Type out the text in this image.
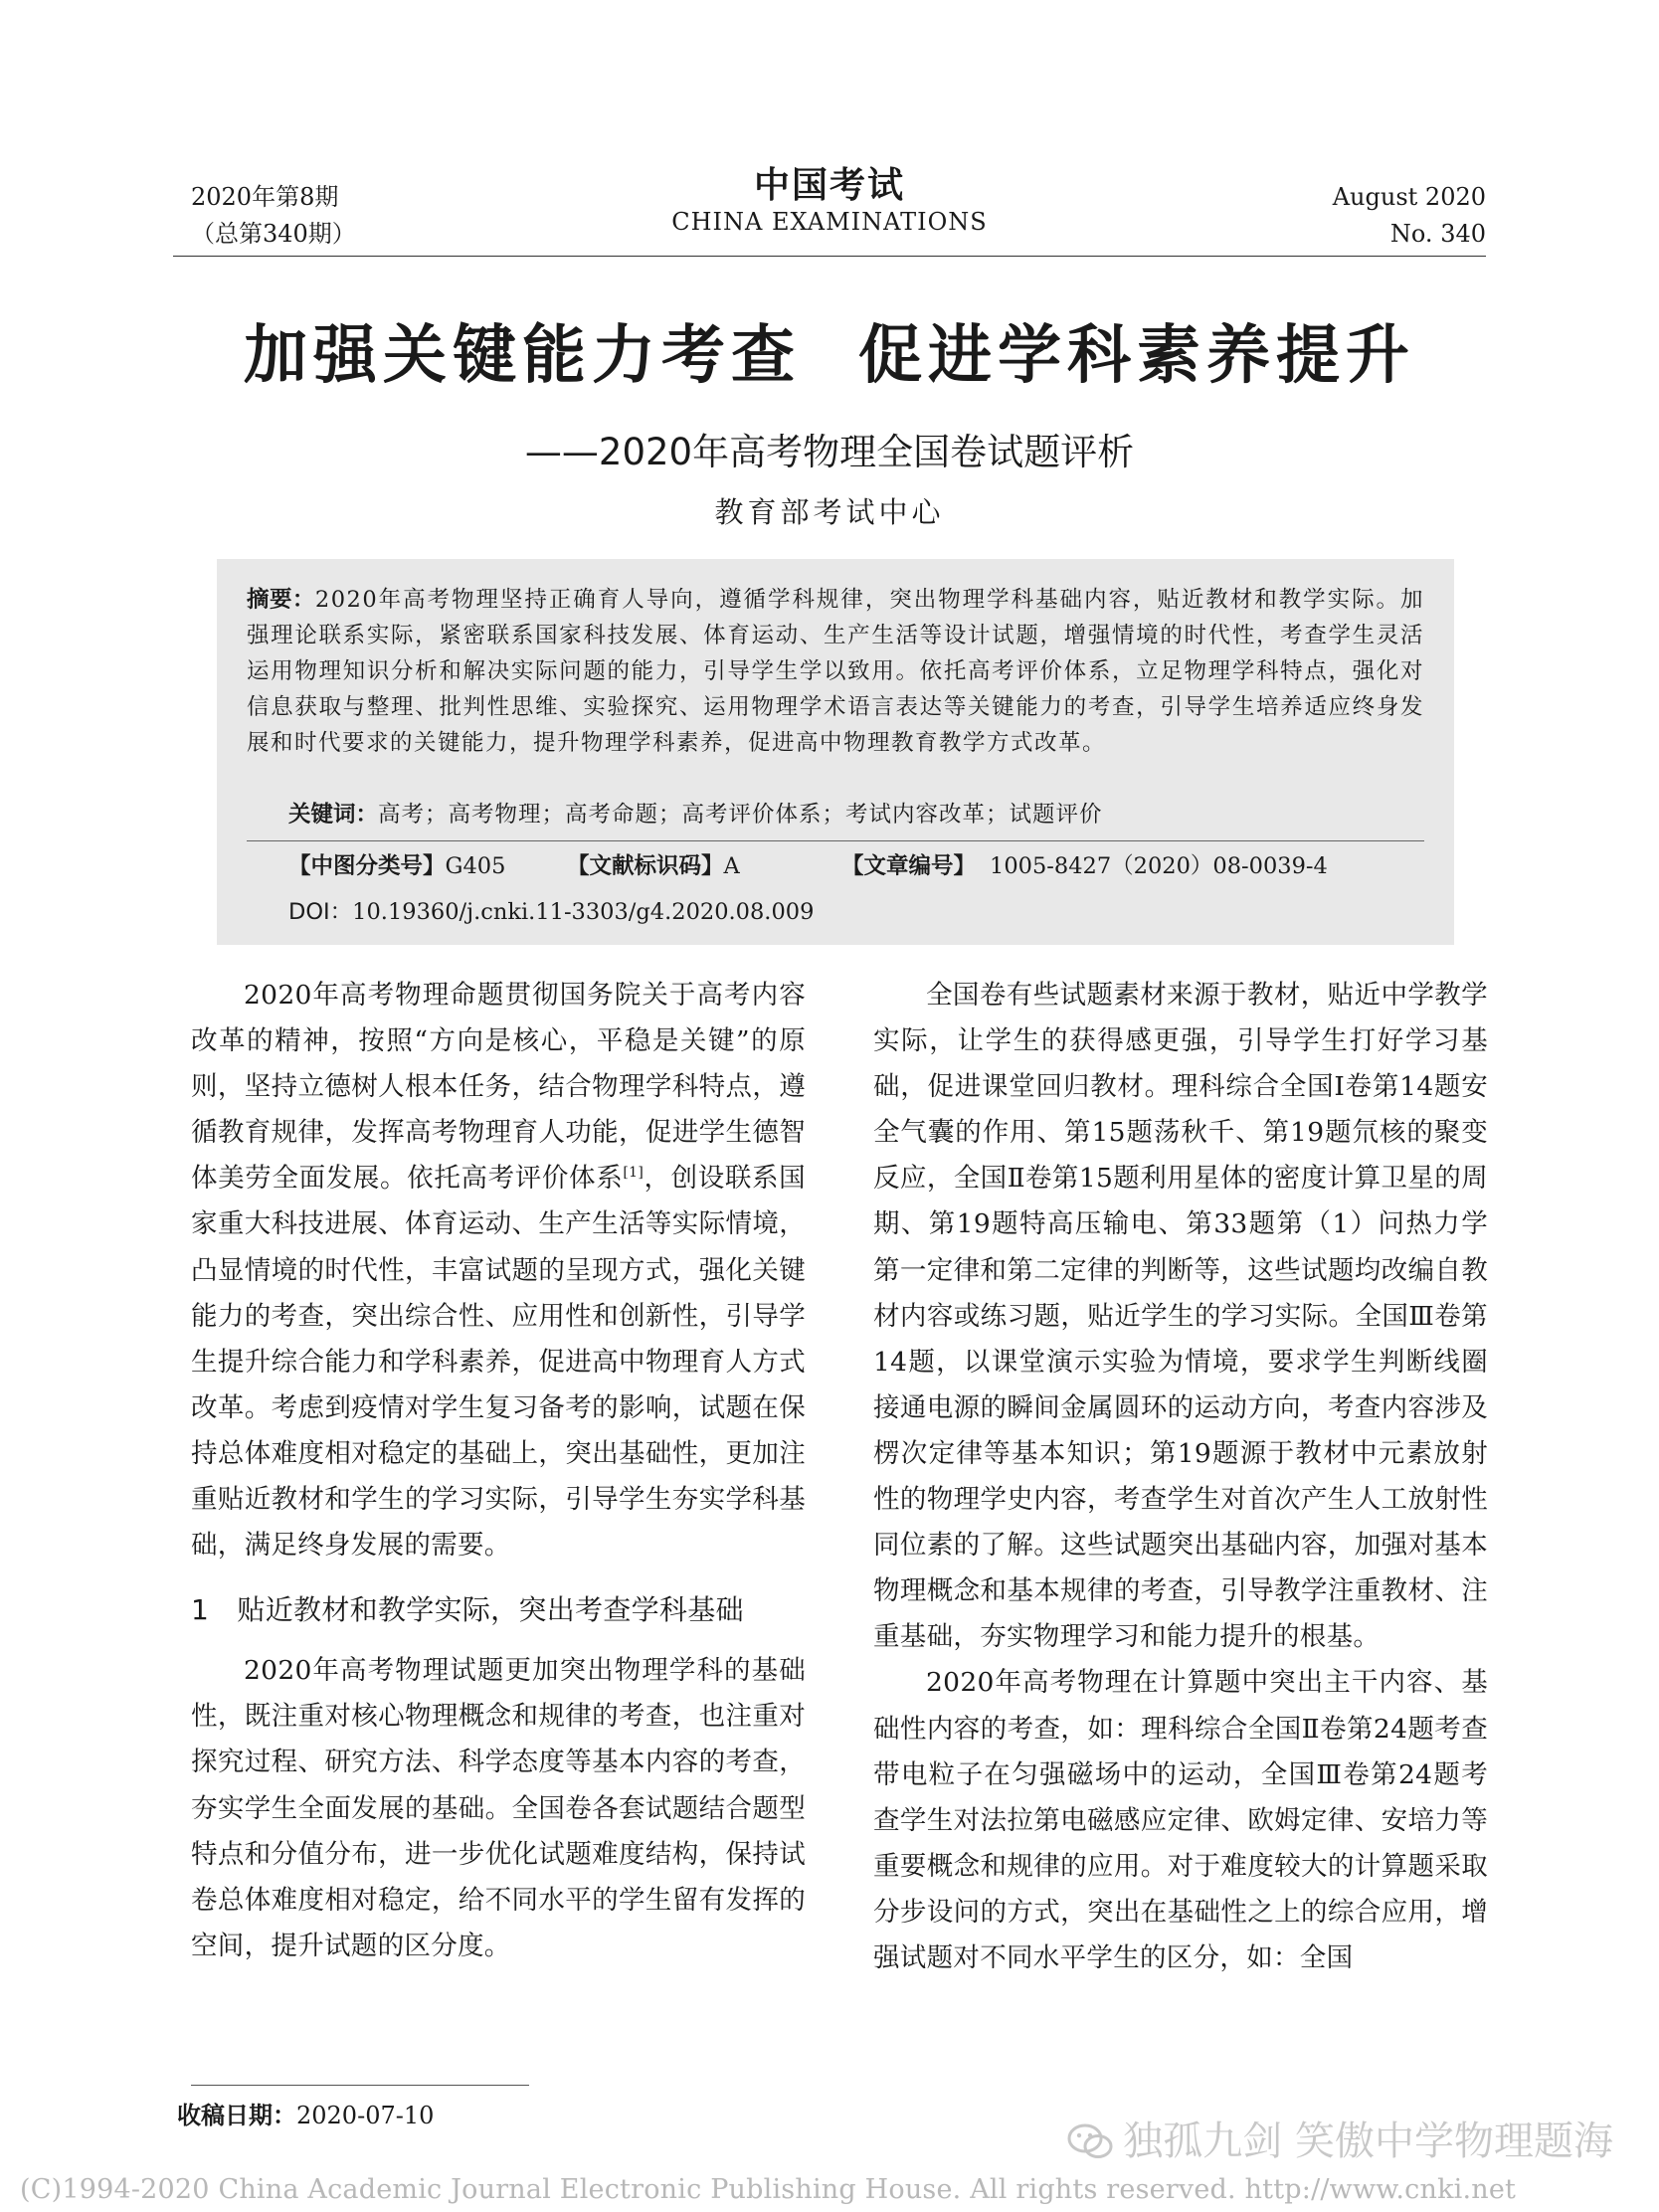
2020年第8期
（总第340期）
中国考试
CHINA EXAMINATIONS
August 2020
No. 340
加强关键能力考查 促进学科素养提升
——2020年高考物理全国卷试题评析
教育部考试中心
摘要：2020年高考物理坚持正确育人导向，遵循学科规律，突出物理学科基础内容，贴近教材和教学实际。加强理论联系实际，紧密联系国家科技发展、体育运动、生产生活等设计试题，增强情境的时代性，考查学生灵活运用物理知识分析和解决实际问题的能力，引导学生学以致用。依托高考评价体系，立足物理学科特点，强化对信息获取与整理、批判性思维、实验探究、运用物理学术语言表达等关键能力的考查，引导学生培养适应终身发展和时代要求的关键能力，提升物理学科素养，促进高中物理教育教学方式改革。
关键词：高考；高考物理；高考命题；高考评价体系；考试内容改革；试题评价
【中图分类号】G405	【文献标识码】A	【文章编号】 1005-8427（2020）08-0039-4
DOI：10.19360/j.cnki.11-3303/g4.2020.08.009

2020年高考物理命题贯彻国务院关于高考内容改革的精神，按照“方向是核心，平稳是关键”的原则，坚持立德树人根本任务，结合物理学科特点，遵循教育规律，发挥高考物理育人功能，促进学生德智体美劳全面发展。依托高考评价体系[1]，创设联系国家重大科技进展、体育运动、生产生活等实际情境，凸显情境的时代性，丰富试题的呈现方式，强化关键能力的考查，突出综合性、应用性和创新性，引导学生提升综合能力和学科素养，促进高中物理育人方式改革。考虑到疫情对学生复习备考的影响，试题在保持总体难度相对稳定的基础上，突出基础性，更加注重贴近教材和学生的学习实际，引导学生夯实学科基础，满足终身发展的需要。

1　贴近教材和教学实际，突出考查学科基础

2020年高考物理试题更加突出物理学科的基础性，既注重对核心物理概念和规律的考查，也注重对探究过程、研究方法、科学态度等基本内容的考查，夯实学生全面发展的基础。全国卷各套试题结合题型特点和分值分布，进一步优化试题难度结构，保持试卷总体难度相对稳定，给不同水平的学生留有发挥的空间，提升试题的区分度。

全国卷有些试题素材来源于教材，贴近中学教学实际，让学生的获得感更强，引导学生打好学习基础，促进课堂回归教材。理科综合全国Ⅰ卷第14题安全气囊的作用、第15题荡秋千、第19题氘核的聚变反应，全国Ⅱ卷第15题利用星体的密度计算卫星的周期、第19题特高压输电、第33题第（1）问热力学第一定律和第二定律的判断等，这些试题均改编自教材内容或练习题，贴近学生的学习实际。全国Ⅲ卷第14题，以课堂演示实验为情境，要求学生判断线圈接通电源的瞬间金属圆环的运动方向，考查内容涉及楞次定律等基本知识；第19题源于教材中元素放射性的物理学史内容，考查学生对首次产生人工放射性同位素的了解。这些试题突出基础内容，加强对基本物理概念和基本规律的考查，引导教学注重教材、注重基础，夯实物理学习和能力提升的根基。

2020年高考物理在计算题中突出主干内容、基础性内容的考查，如：理科综合全国Ⅱ卷第24题考查带电粒子在匀强磁场中的运动，全国Ⅲ卷第24题考查学生对法拉第电磁感应定律、欧姆定律、安培力等重要概念和规律的应用。对于难度较大的计算题采取分步设问的方式，突出在基础性之上的综合应用，增强试题对不同水平学生的区分，如：全国

收稿日期：2020-07-10
独孤九剑 笑傲中学物理题海
(C)1994-2020 China Academic Journal Electronic Publishing House. All rights reserved. http://www.cnki.net
